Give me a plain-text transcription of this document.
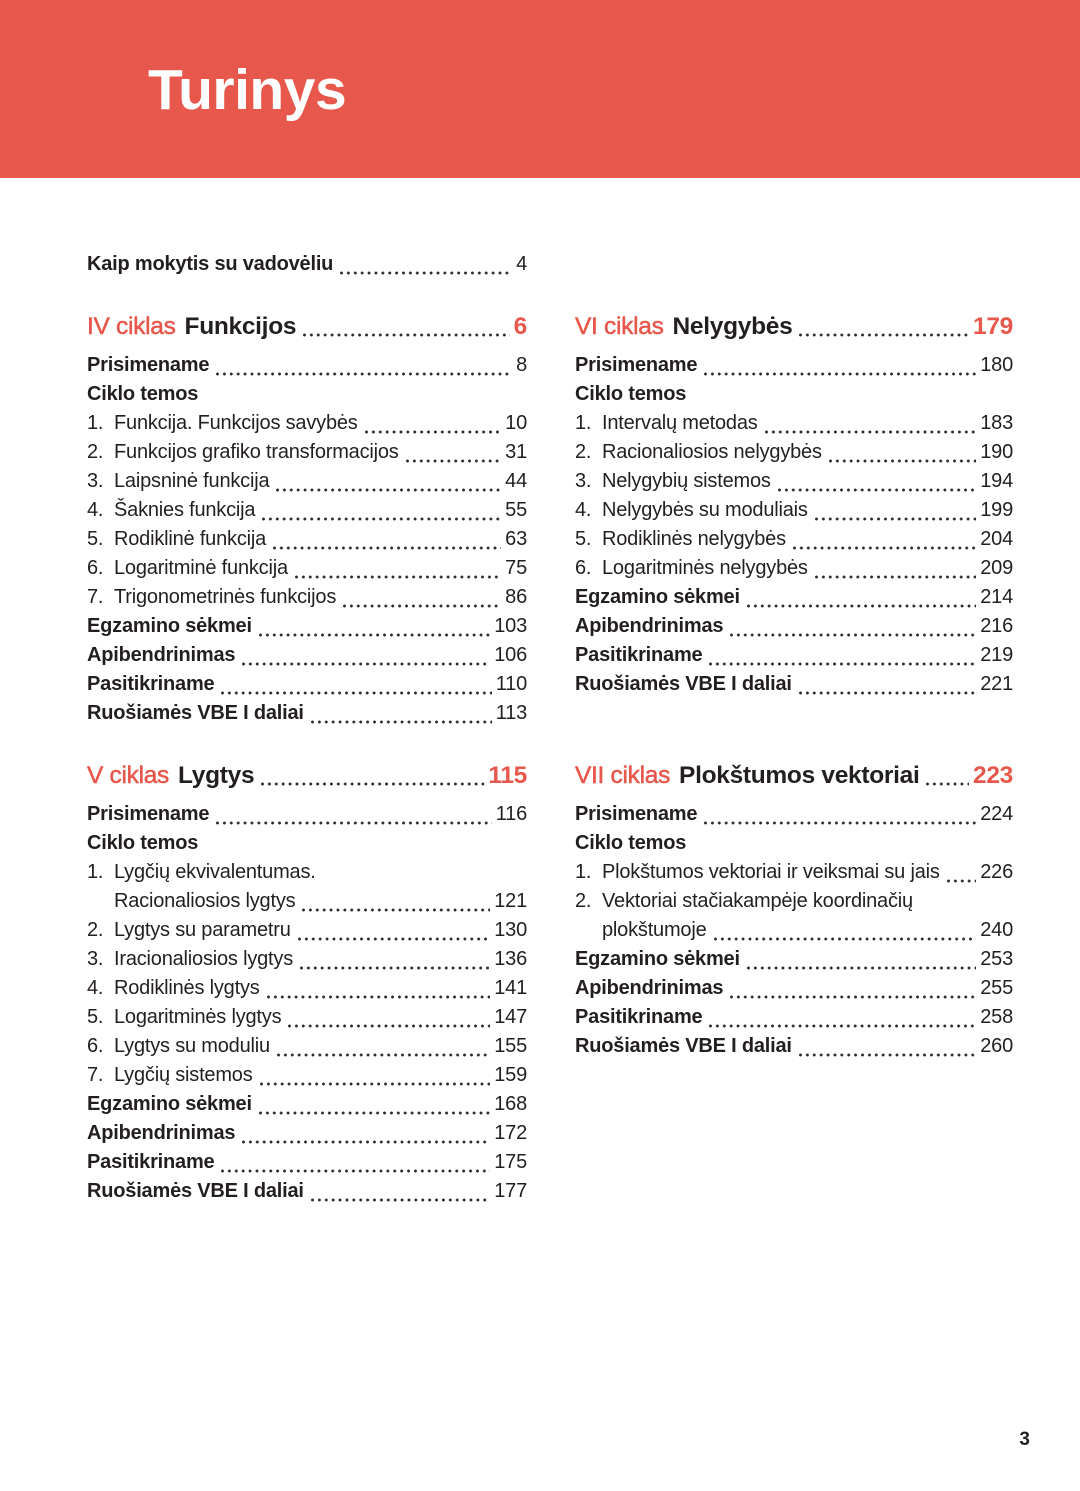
Turinys
Kaip mokytis su vadovėliu	4
IV ciklas Funkcijos	6
Prisimename	8
Ciklo temos
1. Funkcija. Funkcijos savybės	10
2. Funkcijos grafiko transformacijos	31
3. Laipsninė funkcija	44
4. Šaknies funkcija	55
5. Rodiklinė funkcija	63
6. Logaritminė funkcija	75
7. Trigonometrinės funkcijos	86
Egzamino sėkmei	103
Apibendrinimas	106
Pasitikriname	110
Ruošiamės VBE I daliai	113
V ciklas Lygtys	115
Prisimename	116
Ciklo temos
1. Lygčių ekvivalentumas.
Racionaliosios lygtys	121
2. Lygtys su parametru	130
3. Iracionaliosios lygtys	136
4. Rodiklinės lygtys	141
5. Logaritminės lygtys	147
6. Lygtys su moduliu	155
7. Lygčių sistemos	159
Egzamino sėkmei	168
Apibendrinimas	172
Pasitikriname	175
Ruošiamės VBE I daliai	177
VI ciklas Nelygybės	179
Prisimename	180
Ciklo temos
1. Intervalų metodas	183
2. Racionaliosios nelygybės	190
3. Nelygybių sistemos	194
4. Nelygybės su moduliais	199
5. Rodiklinės nelygybės	204
6. Logaritminės nelygybės	209
Egzamino sėkmei	214
Apibendrinimas	216
Pasitikriname	219
Ruošiamės VBE I daliai	221
VII ciklas Plokštumos vektoriai 223
Prisimename	224
Ciklo temos
1. Plokštumos vektoriai ir veiksmai su jais 226
2. Vektoriai stačiakampėje koordinačių
plokštumoje	240
Egzamino sėkmei	253
Apibendrinimas	255
Pasitikriname	258
Ruošiamės VBE I daliai	260
3
